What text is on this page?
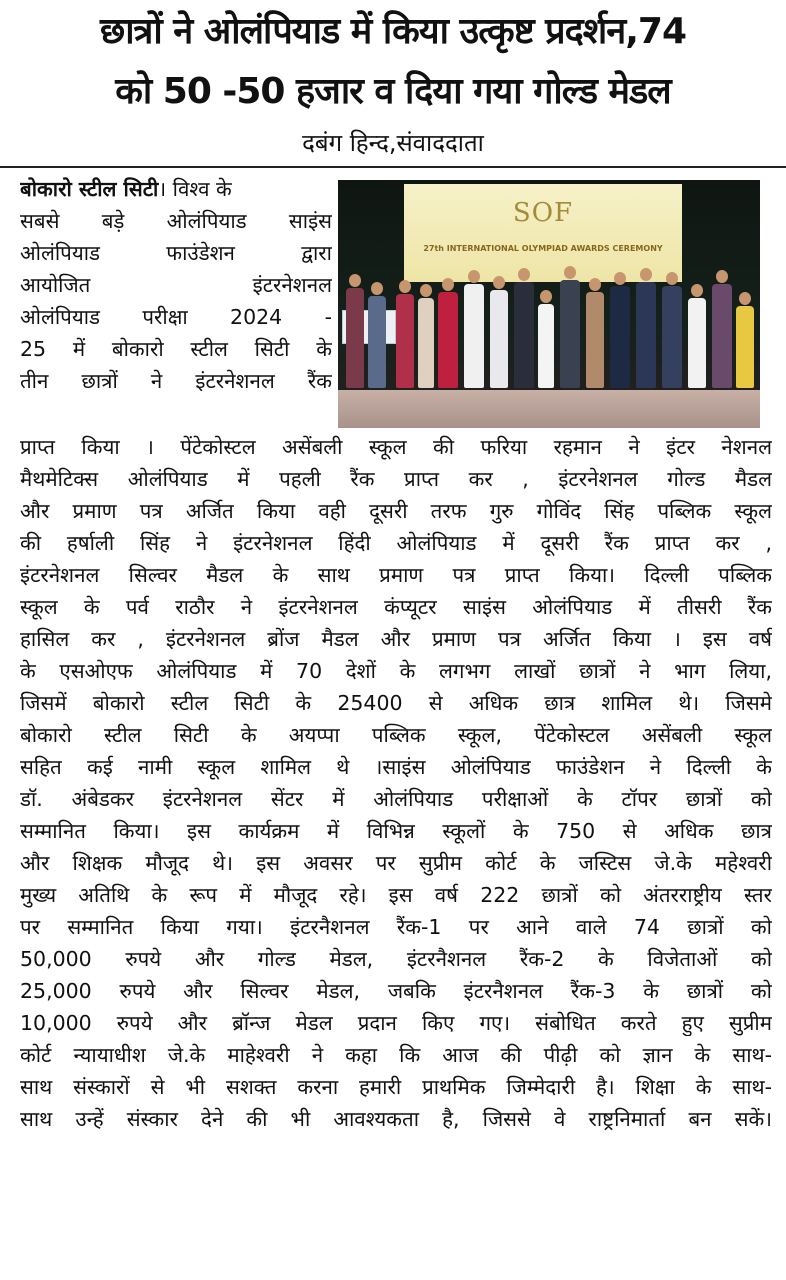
छात्रों ने ओलंपियाड में किया उत्कृष्ट प्रदर्शन,74
को 50 -50 हजार व दिया गया गोल्ड मेडल
दबंग हिन्द,संवाददाता
SOF
27th INTERNATIONAL OLYMPIAD AWARDS CEREMONY
बोकारो स्टील सिटी। विश्व के
सबसे बड़े ओलंपियाड साइंस
ओलंपियाड फाउंडेशन द्वारा
आयोजित इंटरनेशनल
ओलंपियाड परीक्षा 2024 -
25 में बोकारो स्टील सिटी के
तीन छात्रों ने इंटरनेशनल रैंक
प्राप्त किया । पेंटेकोस्टल असेंबली स्कूल की फरिया रहमान ने इंटर नेशनल
मैथमेटिक्स ओलंपियाड में पहली रैंक प्राप्त कर , इंटरनेशनल गोल्ड मैडल
और प्रमाण पत्र अर्जित किया वही दूसरी तरफ गुरु गोविंद सिंह पब्लिक स्कूल
की हर्षाली सिंह ने इंटरनेशनल हिंदी ओलंपियाड में दूसरी रैंक प्राप्त कर ,
इंटरनेशनल सिल्वर मैडल के साथ प्रमाण पत्र प्राप्त किया। दिल्ली पब्लिक
स्कूल के पर्व राठौर ने इंटरनेशनल कंप्यूटर साइंस ओलंपियाड में तीसरी रैंक
हासिल कर , इंटरनेशनल ब्रोंज मैडल और प्रमाण पत्र अर्जित किया । इस वर्ष
के एसओएफ ओलंपियाड में 70 देशों के लगभग लाखों छात्रों ने भाग लिया,
जिसमें बोकारो स्टील सिटी के 25400 से अधिक छात्र शामिल थे। जिसमे
बोकारो स्टील सिटी के अयप्पा पब्लिक स्कूल, पेंटेकोस्टल असेंबली स्कूल
सहित कई नामी स्कूल शामिल थे ।साइंस ओलंपियाड फाउंडेशन ने दिल्ली के
डॉ. अंबेडकर इंटरनेशनल सेंटर में ओलंपियाड परीक्षाओं के टॉपर छात्रों को
सम्मानित किया। इस कार्यक्रम में विभिन्न स्कूलों के 750 से अधिक छात्र
और शिक्षक मौजूद थे। इस अवसर पर सुप्रीम कोर्ट के जस्टिस जे.के महेश्वरी
मुख्य अतिथि के रूप में मौजूद रहे। इस वर्ष 222 छात्रों को अंतरराष्ट्रीय स्तर
पर सम्मानित किया गया। इंटरनैशनल रैंक-1 पर आने वाले 74 छात्रों को
50,000 रुपये और गोल्ड मेडल, इंटरनैशनल रैंक-2 के विजेताओं को
25,000 रुपये और सिल्वर मेडल, जबकि इंटरनैशनल रैंक-3 के छात्रों को
10,000 रुपये और ब्रॉन्ज मेडल प्रदान किए गए। संबोधित करते हुए सुप्रीम
कोर्ट न्यायाधीश जे.के माहेश्वरी ने कहा कि आज की पीढ़ी को ज्ञान के साथ-
साथ संस्कारों से भी सशक्त करना हमारी प्राथमिक जिम्मेदारी है। शिक्षा के साथ-
साथ उन्हें संस्कार देने की भी आवश्यकता है, जिससे वे राष्ट्रनिमार्ता बन सकें।
